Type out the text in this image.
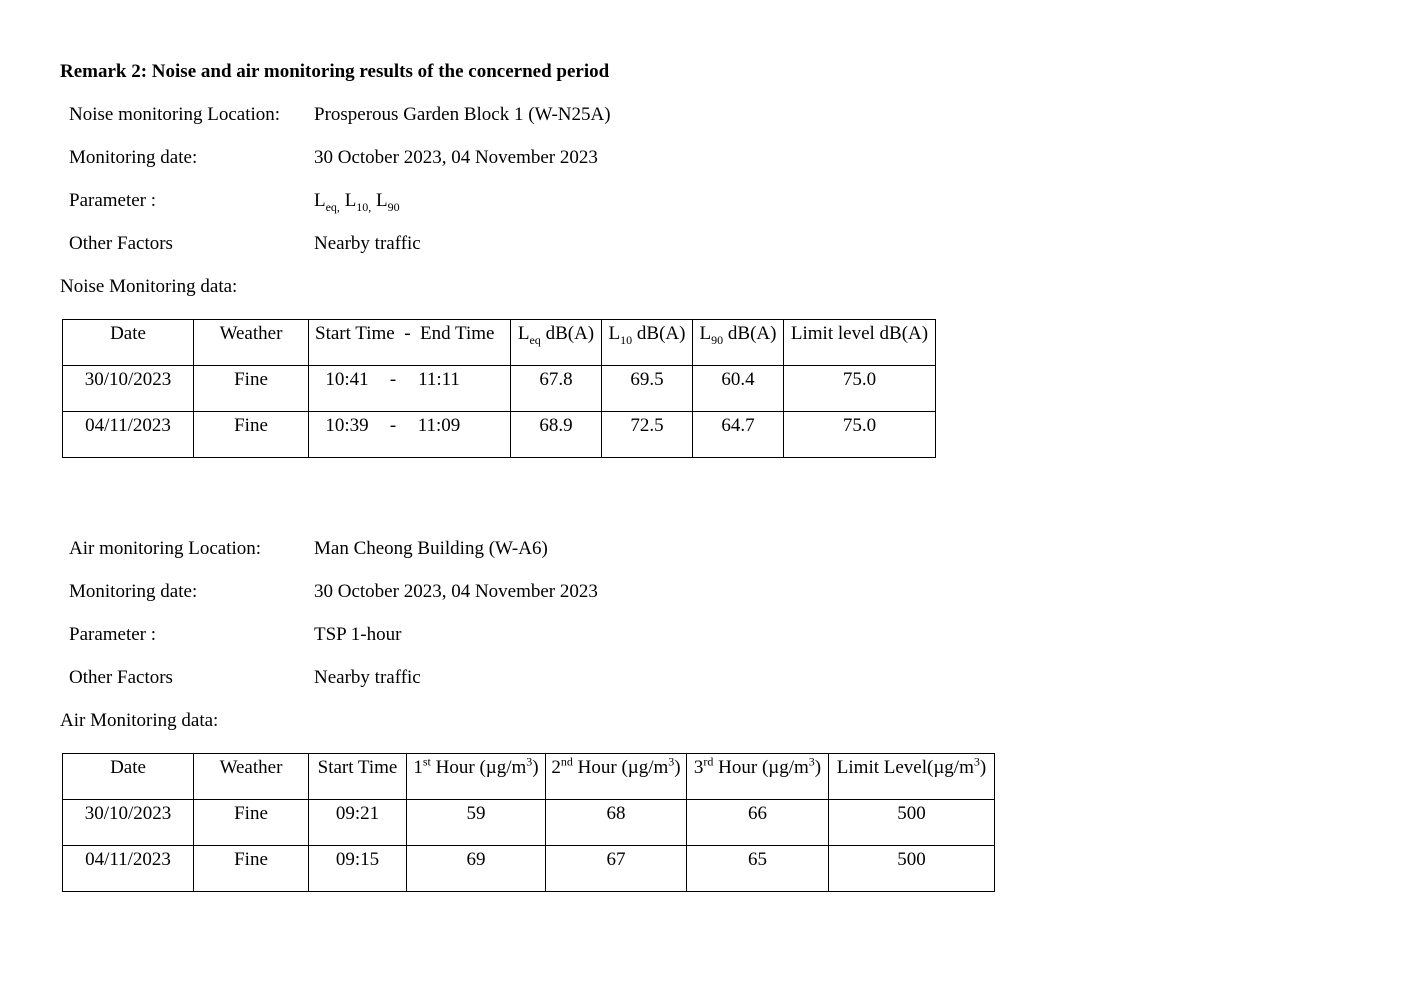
Remark 2: Noise and air monitoring results of the concerned period
Noise monitoring Location: Prosperous Garden Block 1 (W-N25A)
Monitoring date:	30 October 2023, 04 November 2023
Parameter :	$L_{eq,}$ $L_{10,}$ $L_{90}$
Other Factors	Nearby traffic
Noise Monitoring data:
Date	Weather	Start Time  -  End Time	$L_{eq}$ dB(A)	$L_{10}$ dB(A)	$L_{90}$ dB(A)	Limit level dB(A)
30/10/2023	Fine	10:41 - 11:11	67.8	69.5	60.4	75.0
04/11/2023	Fine	10:39 - 11:09	68.9	72.5	64.7	75.0
Air monitoring Location:	Man Cheong Building (W-A6)
Monitoring date:	30 October 2023, 04 November 2023
Parameter :	TSP 1-hour
Other Factors	Nearby traffic
Air Monitoring data:
Date	Weather	Start Time	1st Hour $(\mu g/m^3)$	2nd Hour $(\mu g/m^3)$	3rd Hour $(\mu g/m^3)$	Limit $Level(\mu g/m^3)$
30/10/2023	Fine	09:21	59	68	66	500
04/11/2023	Fine	09:15	69	67	65	500
